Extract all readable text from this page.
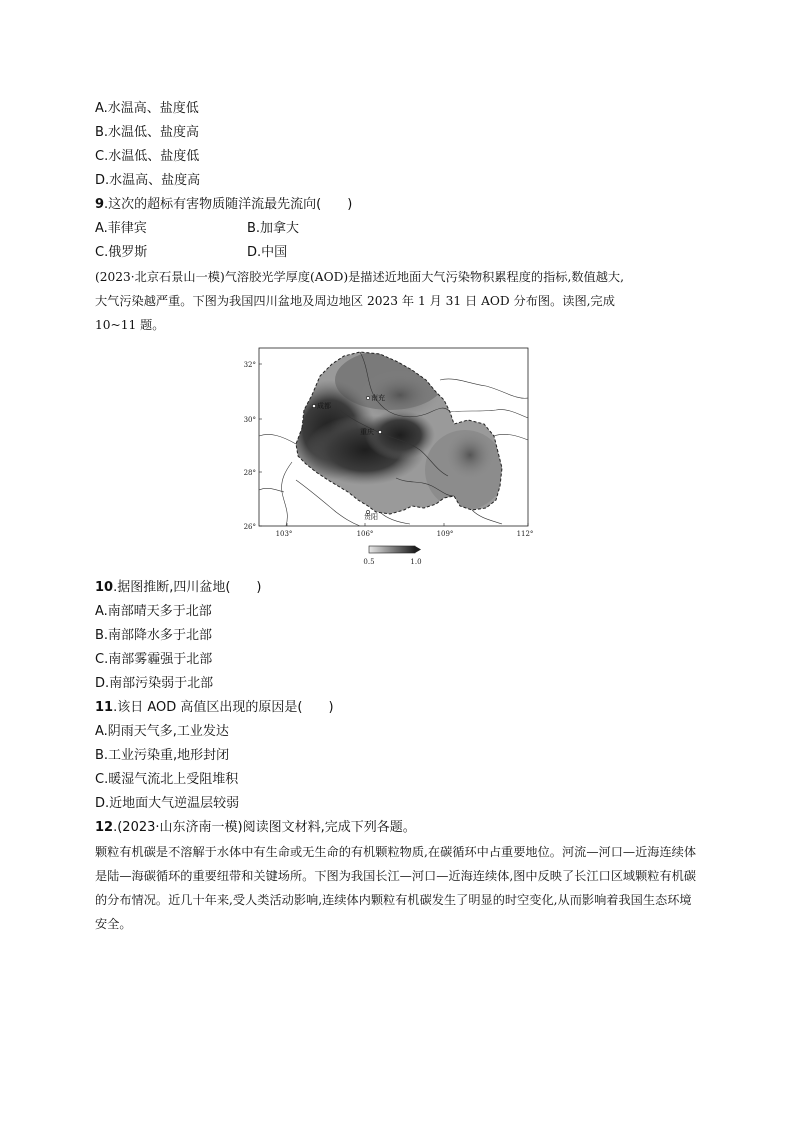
A.水温高、盐度低
B.水温低、盐度高
C.水温低、盐度低
D.水温高、盐度高
9.这次的超标有害物质随洋流最先流向(　　)
A.菲律宾	B.加拿大
C.俄罗斯	D.中国
(2023·北京石景山一模)气溶胶光学厚度(AOD)是描述近地面大气污染物积累程度的指标,数值越大,
大气污染越严重。下图为我国四川盆地及周边地区 2023 年 1 月 31 日 AOD 分布图。读图,完成
10~11 题。
32°
30°
28°
26°
103°	106°	109°	112°
成都
南充
重庆
贵阳
0.5	1.0
10.据图推断,四川盆地(　　)
A.南部晴天多于北部
B.南部降水多于北部
C.南部雾霾强于北部
D.南部污染弱于北部
11.该日 AOD 高值区出现的原因是(　　)
A.阴雨天气多,工业发达
B.工业污染重,地形封闭
C.暖湿气流北上受阻堆积
D.近地面大气逆温层较弱
12.(2023·山东济南一模)阅读图文材料,完成下列各题。
颗粒有机碳是不溶解于水体中有生命或无生命的有机颗粒物质,在碳循环中占重要地位。河流—河口—近海连续体是陆—海碳循环的重要纽带和关键场所。下图为我国长江—河口—近海连续体,图中反映了长江口区域颗粒有机碳的分布情况。近几十年来,受人类活动影响,连续体内颗粒有机碳发生了明显的时空变化,从而影响着我国生态环境安全。
